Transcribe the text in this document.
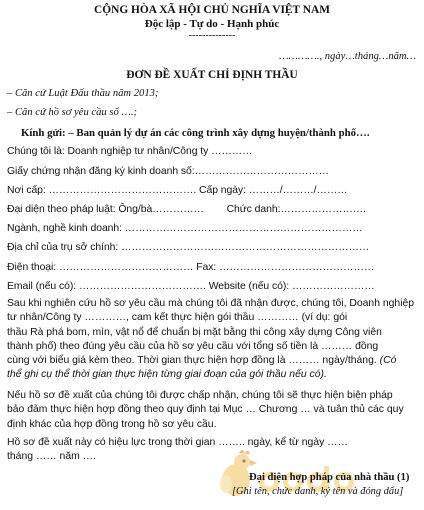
CỘNG HÒA XÃ HỘI CHỦ NGHĨA VIỆT NAM
Độc lập - Tự do - Hạnh phúc
--------------
…………., ngày…tháng…năm…
ĐƠN ĐỀ XUẤT CHỈ ĐỊNH THẦU
– Căn cứ Luật Đấu thầu năm 2013;
– Căn cứ hồ sơ yêu cầu số ….;
Kính gửi: – Ban quản lý dự án các công trình xây dựng huyện/thành phố….
Chúng tôi là: Doanh nghiệp tư nhân/Công ty …………
Giấy chứng nhận đăng ký kinh doanh số:…………………………………
Nơi cấp: ……………………………………. Cấp ngày: ………/………/………
Đại diện theo pháp luật: Ông/bà……………        Chức danh:…………………….
Ngành, nghề kinh doanh: ……………………………………………………………
Địa chỉ của trụ sở chính: ………………………………………………………………
Điện thoại: ………………………………… Fax: ………………………………………
Email (nếu có): ………………………………. Website (nếu có): ……………………
Sau khi nghiên cứu hồ sơ yêu cầu mà chúng tôi đã nhận được, chúng tôi, Doanh nghiệp
tư nhân/Công ty …………, cam kết thực hiện gói thầu ………… (ví dụ: gói
thầu Rà phá bom, mìn, vật nổ để chuẩn bị mặt bằng thi công xây dựng Công viên
thành phố) theo đúng yêu cầu của hồ sơ yêu cầu với tổng số tiền là ……… đồng
cùng với biểu giá kèm theo. Thời gian thực hiện hợp đồng là ……… ngày/tháng. (Có
thể ghi cụ thể thời gian thực hiện từng giai đoạn của gói thầu nếu có).
Nếu hồ sơ đề xuất của chúng tôi được chấp nhận, chúng tôi sẽ thực hiện biện pháp
bảo đảm thực hiện hợp đồng theo quy định tại Mục … Chương … và tuân thủ các quy
định khác của hợp đồng trong hồ sơ yêu cầu.
Hồ sơ đề xuất này có hiệu lực trong thời gian …….. ngày, kể từ ngày ……
tháng …… năm ….
Đại diện hợp pháp của nhà thầu (1)
[Ghi tên, chức danh, ký tên và đóng dấu]
